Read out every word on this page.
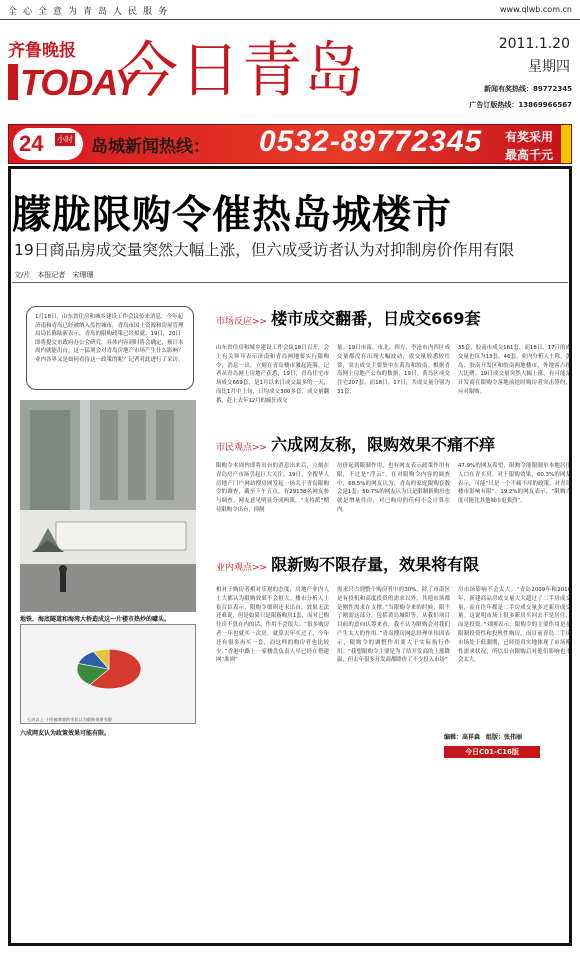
全心全意为青岛人民服务	www.qlwb.com.cn
齐鲁晚报
TODAY
今日青岛	2011.1.20
星期四
新闻有奖热线：89772345
广告订版热线：13869966567
24	小时 岛城新闻热线： 0532-89772345 有奖采用
最高千元
朦胧限购令催热岛城楼市
19日商品房成交量突然大幅上涨，但六成受访者认为对抑制房价作用有限
文/片　本报记者　宋珊珊

1月18日，山东省住房和城乡建设工作会议传来消息，今年起济南和青岛已经被纳入监控城市，青岛市国土资源和房屋管理局局长陈陆新表示，青岛的限购政策已经拟就。19日，20日即将提交市政府办公会研究，具体内容到时将会确定，预计本周内就能出台。这一猛剂会对青岛房地产市场产生什么影响？业内各界又是如何看待这一政策的呢？记者对此进行了采访。

地铁、海底隧道和海湾大桥造成这一片楼市热炒的噱头。
七成以上 十所被调查的市民认为限购效果有限
六成网友认为政策效果可能有限。
市场反应>> 楼市成交翻番，日成交669套

山东省住房和城乡建设工作会议18日召开，会上有关领导表示济南和青岛两地要实行限购令，消息一出，立刻在青岛楼市激起涟漪。记者从青岛网上房地产获悉，19日，青岛住宅市场成交669套，是1月以来日成交最多的一天，而比1月中上旬，日均成交300多套，成交量翻番，赶上去年12月的疯狂成交

量。19日市南、市北、四方、李沧市内四区成交量都没有出现大幅波动，成交量较悉较往常，突击成交主要集中在黄岛和胶南。根据青岛网上房地产公布的数据，19日，黄岛区成交住宅207套，而18日、17日，共成交量分别为31套、

35套，胶南市成交161套，而18日、17日的成交量也仅为13套、46套。业内分析人士称，黄岛、胶南开发区和胶南两地楼市，外地客占很大比例。19日成交量突然大幅上涨，有可能是开发商在限购令落地前抢时购房者突击签约，应对限购。

市民观点>> 六成网友称，限购效果不痛不痒

限购令本周内即将出台的消息出来后，立刻在青岛房产市场引起巨大关注。19日，全搜华人房地产门户网站搜房网发起一场关于青岛限购令的调查，截至下午五点，有29138名网友参与调查。网友意见明显分成两派，“支持派”期待限购令出台，抑制

房价起到限制作用，也有网友表示政策作用有限，不过是“浮云”。在对限购令内容的调查中，68.5%的网友认为，青岛的家庭限购套数会是1套；50.7%的网友认为只是限制新购房也就是增量住房，对已购房的任何不会计算在内。

47.9%的网友希望，限购令能限制单本地居住人口在青买房。对于限购效果，60.3%的网友表示，可能“只是一个不痛不痒的政策，对青岛楼市影响有限”。19.2%的网友表示，“限购力度可能比其他城市更强烈”。

业内观点>> 限新购不限存量，效果将有限

相对于购房者相对乐观的态度，房地产业内人士大都认为限购效果不会很大。楼市分析人士崔召臣表示，限购令细则还未出台，效果无法还难说，但是如果只是限新购房1套，而对已购住房不算在内的话，作用不会很大。“很多购房者一年也就买一次房，就算去年买过了，今年还有很多再买一套，而这样的购房者也比较少。”香港中路上一家楼盘负责人早已经在搭建网“准则”

需求只占到整个购房者中的30%。除了市南区是有投机和高度投资的需求以外，其他市场都是刚性需求在支撑。”当限购令来的时候，限不了刚需这部分，包括黄岛城阳等，从我们项目目前的意向认筹来看，我不认为限购会对我们产生太大的作用。”青岛搜房网总经理单伟国表示，限购令的调整作用要大于实际执行作用。“我想限购令主要是为了给开发商的上涨降温，但去年很多开发商都降价了不少投入市场”

房市场影响不会太大。“青岛2009年和2010年，新建商品房成交量大大超过了二手房成交量，而在往年都是二手房成交量多过新房成交量。这说明市场上很多新房买回去不是居住，而是投资。”刘刚表示，限购令的主要作用是在限制投资性和投机性购房，而目前青岛二手房市场处于低潮期，已经很真实地体现了市场刚性需求状况，所以出台限购后对他们影响也不会太大。

编辑：高祥森　组版：张伟丽
今日C01-C16版
